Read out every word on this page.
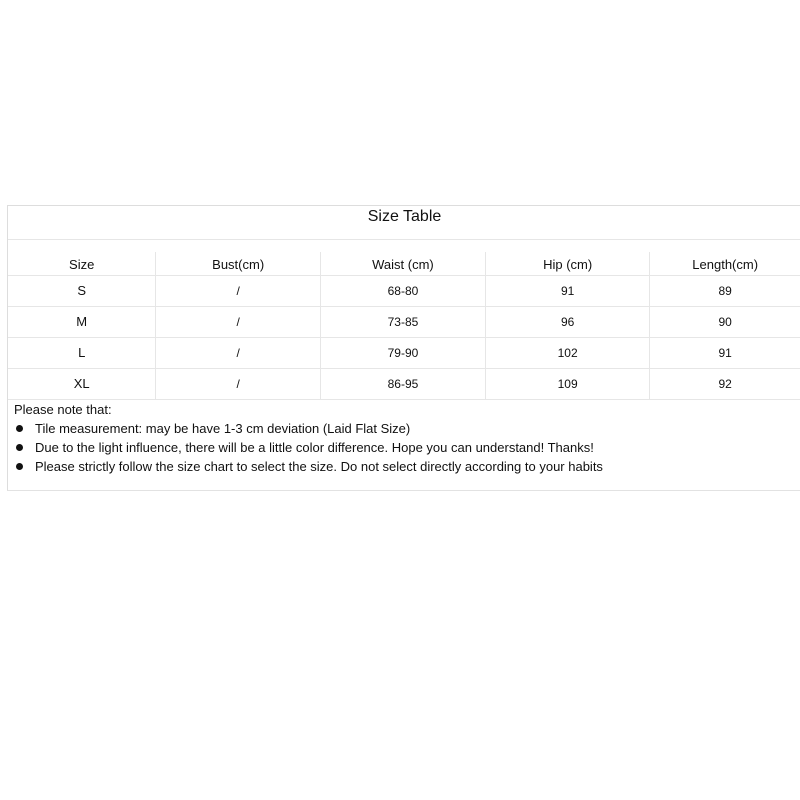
Size Table
Size	Bust(cm)	Waist (cm)	Hip (cm)	Length(cm)
S	/	68-80	91	89
M	/	73-85	96	90
L	/	79-90	102	91
XL	/	86-95	109	92
Please note that:
Tile measurement: may be have 1-3 cm deviation (Laid Flat Size)
Due to the light influence, there will be a little color difference. Hope you can understand! Thanks!
Please strictly follow the size chart to select the size. Do not select directly according to your habits
